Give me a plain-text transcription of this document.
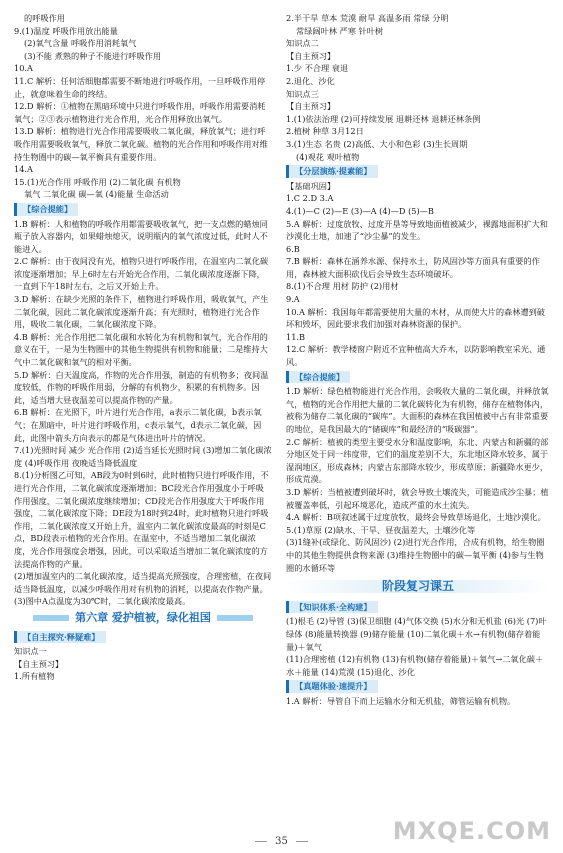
的呼吸作用

9.(1)温度 呼吸作用放出能量

(2)氧气含量 呼吸作用消耗氧气

(3)不能 煮熟的种子不能进行呼吸作用

10.A

11.C 解析：任何活细胞都需要不断地进行呼吸作用，一旦呼吸作用停止，就意味着生命的终结。

12.D 解析：①植物在黑暗环境中只进行呼吸作用，呼吸作用需要消耗氧气；②③表示植物进行光合作用，光合作用释放出氧气。

13.D 解析：植物进行光合作用需要吸收二氧化碳，释放氧气；进行呼吸作用需要吸收氧气，释放二氧化碳。植物的光合作用和呼吸作用对维持生物圈中的碳—氧平衡具有重要作用。

14.A

15.(1)光合作用 呼吸作用 (2)二氧化碳 有机物

氧气 二氧化碳 碳—氧 (4)能量 生命活动

【综合提能】

1.B 解析：人和植物的呼吸作用都需要吸收氧气，把一支点燃的蜡烛同瓶子放入容器内，如果蜡烛熄灭，说明瓶内的氧气浓度过低，此时人不能进入。

2.C 解析：由于夜间没有光，植物只进行呼吸作用，在温室内二氧化碳浓度逐渐增加；早上6时左右开始光合作用，二氧化碳浓度逐渐下降，一直到下午18时左右，之后又开始上升。

3.D 解析：在缺少光照的条件下，植物进行呼吸作用，吸收氧气，产生二氧化碳，因此二氧化碳浓度逐渐升高；有光照时，植物进行光合作用，吸收二氧化碳，二氧化碳浓度下降。

4.B 解析：光合作用把二氧化碳和水转化为有机物和氧气，光合作用的意义在于，一是为生物圈中的其他生物提供有机物和能量；二是维持大气中二氧化碳和氧气的相对平衡。

5.D 解析：白天温度高，作物的光合作用强，制造的有机物多；夜间温度较低，作物的呼吸作用弱，分解的有机物少，积累的有机物多。因此，适当增大昼夜温差可以提高作物的产量。

6.B 解析：在光照下，叶片进行光合作用，a表示二氧化碳，b表示氧气；在黑暗中，叶片进行呼吸作用，c表示氧气，d表示二氧化碳，因此，此图中箭头方向表示的都是气体进出叶片的情况。

7.(1)光照时间 减少 光合作用 (2)适当延长光照时间 (3)增加二氧化碳浓度 (4)呼吸作用 夜晚适当降低温度

8.(1)分析图乙可知，AB段为0时到6时，此时植物只进行呼吸作用，不进行光合作用，二氧化碳浓度逐渐增加；BC段光合作用强度小于呼吸作用强度，二氧化碳浓度继续增加；CD段光合作用强度大于呼吸作用强度，二氧化碳浓度下降；DE段为18时到24时，此时植物只进行呼吸作用，二氧化碳浓度又开始上升，温室内二氧化碳浓度最高的时刻是C点，BD段表示植物的光合作用。在温室中，不适当增加二氧化碳浓度，光合作用强度会增强，因此，可以采取适当增加二氧化碳浓度的方法提高作物的产量。

(2)增加温室内的二氧化碳浓度，适当提高光照强度，合理密植，在夜间适当降低温度，以减少呼吸作用对有机物的消耗，以提高农作物产量。

(3)图中A点温度为30℃时，二氧化碳浓度最高。

第六章 爱护植被，绿化祖国

【自主探究·释疑难】

知识点一

【自主预习】

1.所有植物

2.半干旱 草本 荒漠 耐旱 高温多雨 常绿 分明

常绿阔叶林 严寒 针叶树

知识点二

【自主预习】

1.少 不合理 衰退

2.退化、沙化

知识点三

【自主预习】

1.(1)依法治理 (2)可持续发展 退耕还林 退耕还林条例

2.植树 种草 3月12日

3.(1)生态 名贵 (2)高低、大小和色彩 (3)生长周期

(4)观花 观叶植物

【分层演练·提素能】

【基础巩固】

1.C 2.D 3.A

4.(1)—C (2)—E (3)—A (4)—D (5)—B

5.A 解析：过度放牧、过度开垦等导致地面植被减少，裸露地面积扩大和沙漠化土地，加速了“沙尘暴”的发生。

6.B

7.B 解析：森林在涵养水源、保持水土，防风固沙等方面具有重要的作用，森林被大面积砍伐后会导致生态环境破坏。

8.(1)不合理 用材 防护 (2)用材

9.A

10.A 解析：我国每年都需要使用大量的木材，从而使大片的森林遭到破坏和毁坏，因此要求我们加强对森林资源的保护。

11.B

12.C 解析：教学楼窗户附近不宜种植高大乔木，以防影响教室采光、通风。

【综合提能】

1.D 解析：绿色植物能进行光合作用，会吸收大量的二氧化碳，并释放氧气，植物的光合作用把大量的二氧化碳转化为有机物，储存在植物体内，被称为储存二氧化碳的“碳库”。大面积的森林在我国植被中占有非常重要的地位，是我国最大的“储碳库”和最经济的“吸碳器”。

2.C 解析：植被的类型主要受水分和温度影响，东北、内蒙古和新疆的部分地区处于同一纬度带，它们的温度差别不大，东北地区降水较多，属于湿润地区，形成森林；内蒙古东部降水较少，形成草原；新疆降水更少，形成荒漠。

3.D 解析：当植被遭到破坏时，就会导致土壤流失，可能造成沙尘暴；植被覆盖率低，引起环境恶化，造成严重的水土流失。

4.A 解析：B项叙述属于过度放牧，最终会导致草场退化，土地沙漠化。

5.(1)草原 (2)缺水、干旱、昼夜温差大，土壤沙化等

(3)1缝补(或绿化、防风固沙) (2)进行光合作用，合成有机物，给生物圈中的其他生物提供食物来源 (3)维持生物圈中的碳—氧平衡 (4)参与生物圈的水循环等

阶段复习课五

【知识体系·全构建】

(1)根毛 (2)导管 (3)保卫细胞 (4)气体交换 (5)水分和无机盐 (6)光 (7)叶绿体 (8)能量转换器 (9)储存能量 (10)二氧化碳＋水→有机物(储存着能量)＋氧气

(11)合理密植 (12)有机物 (13)有机物(储存着能量)＋氧气→二氧化碳＋水＋能量 (14)荒漠 (15)退化、沙化

【真题体验·速提升】

1.A 解析：导管自下而上运输水分和无机盐，筛管运输有机物。

35	MXQE.COM
